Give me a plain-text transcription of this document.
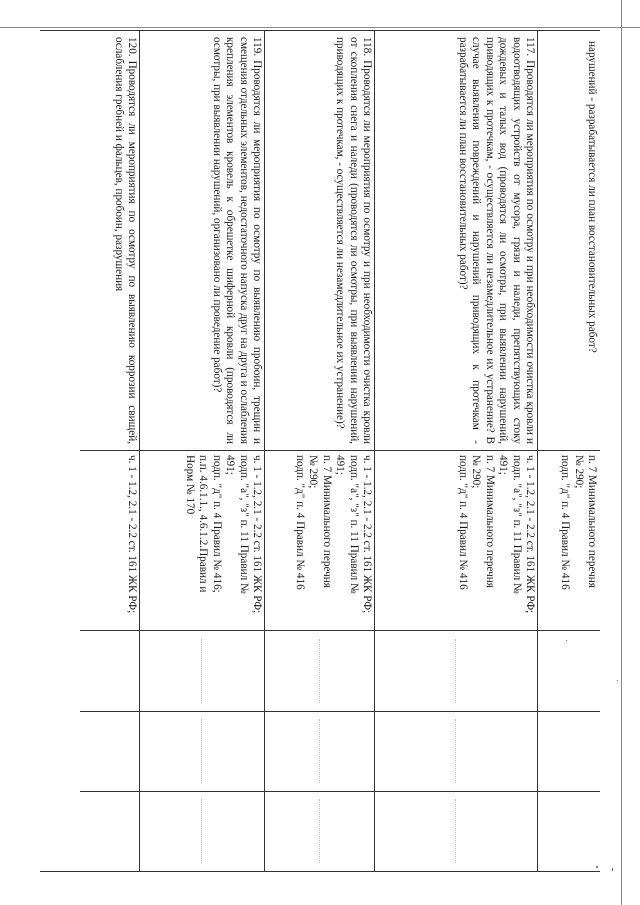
нарушений - разрабатывается ли план восстановительных работ?
п. 7 Минимального перечня
№ 290;
подп. "д" п. 4 Правил № 416
117.Проводятся ли мероприятия по осмотру и при необходимости очистка кровли и водоотводящих устройств от мусора, грязи и наледи, препятствующих стоку дождевых и талых вод (проводятся ли осмотры, при выявлении нарушений, приводящих к протечкам, - осуществляется ли незамедлительное их устранение? В случае выявления повреждений и нарушений приводящих к протечкам - разрабатывается ли план восстановительных работ)?
ч. 1 - 1.2, 2.1 - 2.2 ст. 161 ЖК РФ;
подп. "а", "з" п. 11 Правил №
491;
п. 7 Минимального перечня
№ 290;
подп. "д" п. 4 Правил № 416
118.Проводятся ли мероприятия по осмотру и при необходимости очистка кровли от скопления снега и наледи (проводятся ли осмотры, при выявлении нарушений, приводящих к протечкам, - осуществляется ли незамедлительное их устранение)?
ч. 1 - 1.2, 2.1 - 2.2 ст. 161 ЖК РФ;
подп. "а", "з" п. 11 Правил №
491;
п. 7 Минимального перечня
№ 290;
подп. "д" п. 4 Правил № 416
119.Проводятся ли мероприятия по осмотру по выявлению пробоин, трещин и смещения отдельных элементов, недостаточного напуска друг на друга и ослабления крепления элементов кровель к обрешетке шиферной кровли (проводятся ли осмотры, при выявлении нарушений, организовано ли проведение работ)?
ч. 1 - 1.2, 2.1 - 2.2 ст. 161 ЖК РФ;
подп. "а", "з" п. 11 Правил №
491;
подп. "д" п. 4 Правил № 416;
п.п. 4.6.1.1., 4.6.1.2.Правил и
Норм № 170
120.Проводятся ли мероприятия по осмотру по выявлению коррозии свищей, ослабления гребней и фальцев, пробоин, разрушения
ч. 1 - 1.2, 2.1 - 2.2 ст. 161 ЖК РФ;
